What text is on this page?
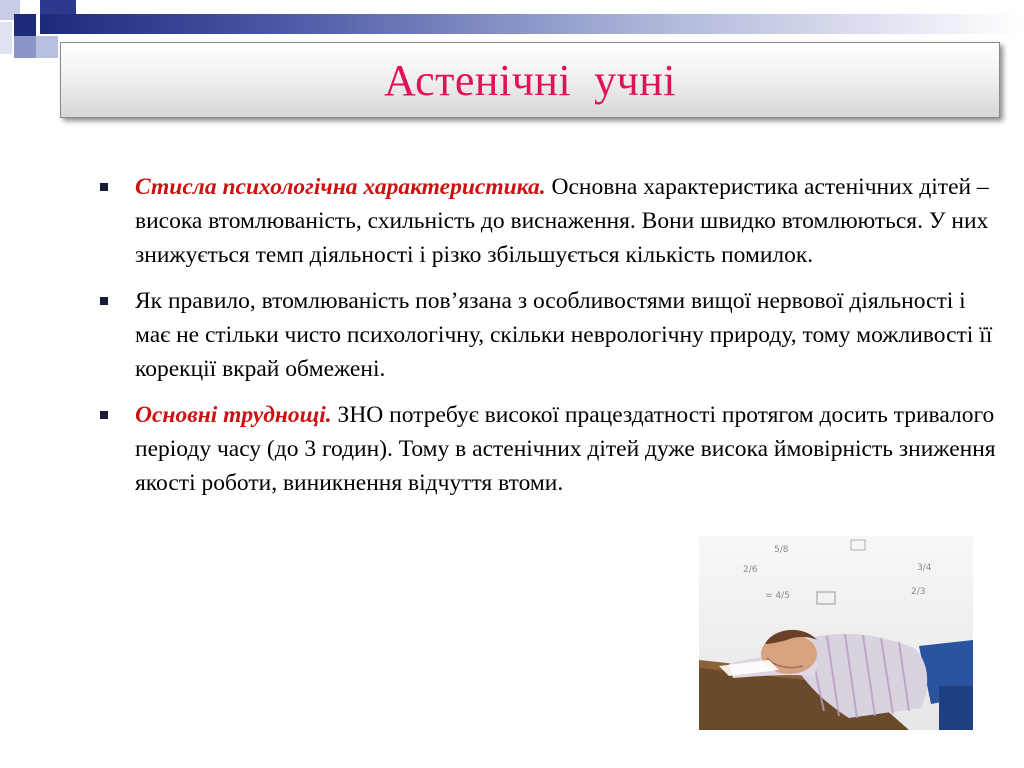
Астенічні  учні
Стисла психологічна характеристика. Основна характеристика астенічних дітей – висока втомлюваність, схильність до виснаження. Вони швидко втомлюються. У них знижується темп діяльності і різко збільшується кількість помилок.
Як правило, втомлюваність пов’язана з особливостями вищої нервової діяльності і має не стільки чисто психологічну, скільки неврологічну природу, тому можливості її корекції вкрай обмежені.
Основні труднощі. ЗНО потребує високої працездатності протягом досить тривалого періоду часу (до 3 годин). Тому в астенічних дітей дуже висока ймовірність зниження якості роботи, виникнення відчуття втоми.
5/8
2/6	3/4
= 4/5	2/3
